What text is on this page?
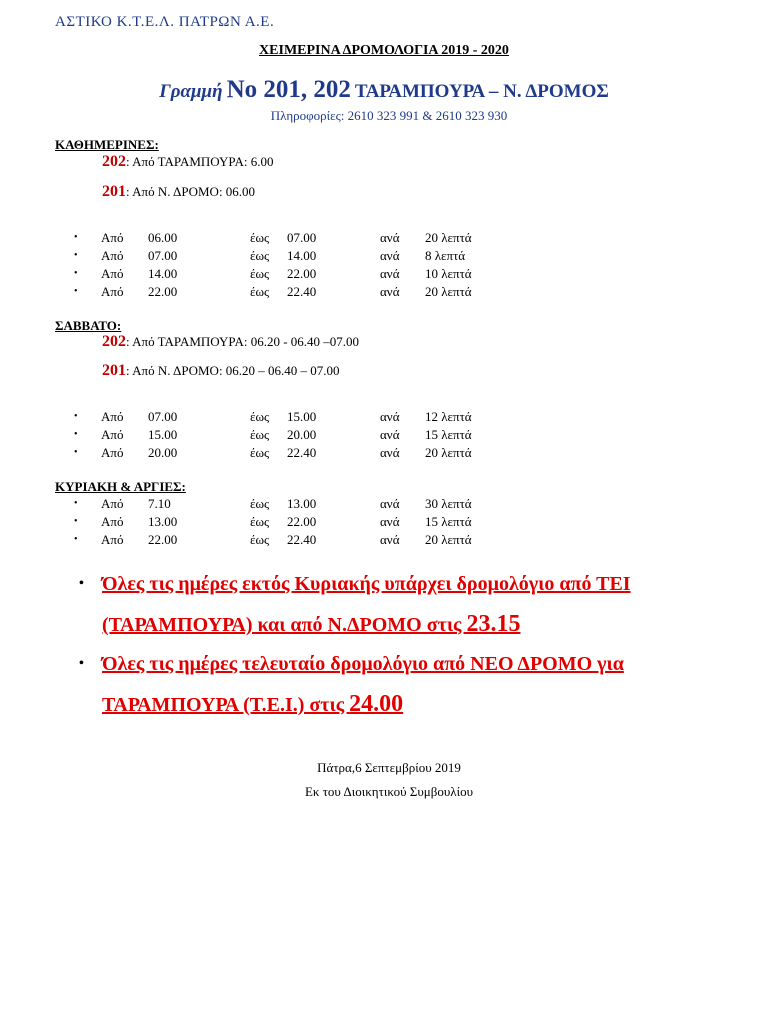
ΑΣΤΙΚΟ Κ.Τ.Ε.Λ. ΠΑΤΡΩΝ Α.Ε.
ΧΕΙΜΕΡΙΝΑ ΔΡΟΜΟΛΟΓΙΑ 2019 - 2020
Γραμμή Νο 201, 202 ΤΑΡΑΜΠΟΥΡΑ – Ν. ΔΡΟΜΟΣ
Πληροφορίες: 2610 323 991 & 2610 323 930
ΚΑΘΗΜΕΡΙΝΕΣ:
202: Από ΤΑΡΑΜΠΟΥΡΑ: 6.00
201: Από Ν. ΔΡΟΜΟ: 06.00
• Από 06.00	έως 07.00	ανά 20 λεπτά
• Από 07.00	έως 14.00	ανά 8 λεπτά
• Από 14.00	έως 22.00	ανά 10 λεπτά
• Από 22.00	έως 22.40	ανά 20 λεπτά
ΣΑΒΒΑΤΟ:
202: Από ΤΑΡΑΜΠΟΥΡΑ: 06.20 - 06.40 –07.00
201: Από Ν. ΔΡΟΜΟ: 06.20 – 06.40 – 07.00
• Από 07.00	έως 15.00	ανά 12 λεπτά
• Από 15.00	έως 20.00	ανά 15 λεπτά
• Από 20.00	έως 22.40	ανά 20 λεπτά
ΚΥΡΙΑΚΗ & ΑΡΓΙΕΣ:
• Από 7.10	έως 13.00	ανά 30 λεπτά
• Από 13.00	έως 22.00	ανά 15 λεπτά
• Από 22.00	έως 22.40	ανά 20 λεπτά
• Όλες τις ημέρες εκτός Κυριακής υπάρχει δρομολόγιο από ΤΕΙ
(ΤΑΡΑΜΠΟΥΡΑ) και από Ν.ΔΡΟΜΟ στις 23.15
• Όλες τις ημέρες τελευταίο δρομολόγιο από ΝΕΟ ΔΡΟΜΟ για
ΤΑΡΑΜΠΟΥΡΑ (Τ.Ε.Ι.) στις 24.00
Πάτρα,6 Σεπτεμβρίου 2019
Εκ του Διοικητικού Συμβουλίου
